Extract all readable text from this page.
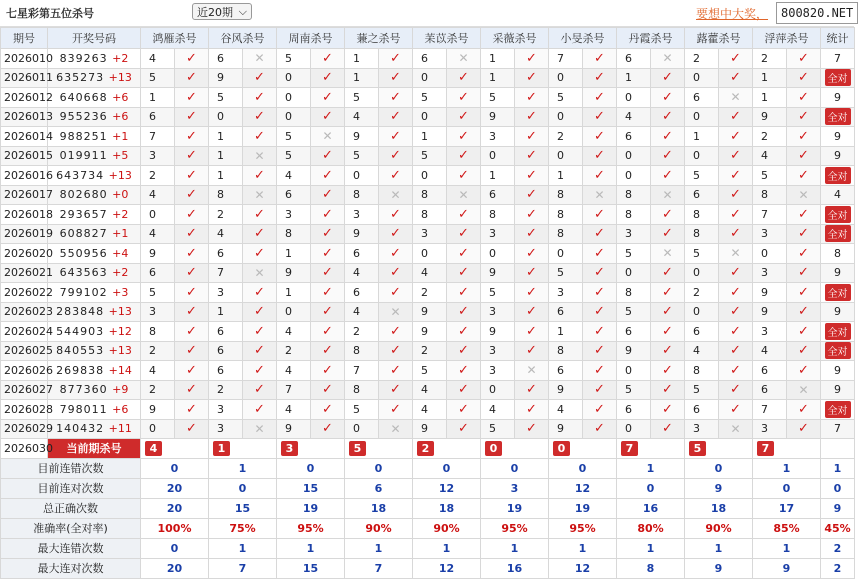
七星彩第五位杀号	近20期 ⌵	要想中大奖，	800820.NET
期号	开奖号码	鸿雁杀号		谷风杀号		周南杀号		蒹之杀号		苿苡杀号		采薇杀号		小旻杀号		丹霞杀号		蕗藿杀号		浮萍杀号		统计
2026010	839263 +2	4	✓	6	✕	5	✓	1	✓	6	✕	1	✓	7	✓	6	✕	2	✓	2	✓	7
2026011	635273 +13	5	✓	9	✓	0	✓	1	✓	0	✓	1	✓	0	✓	1	✓	0	✓	1	✓	全对
2026012	640668 +6	1	✓	5	✓	0	✓	5	✓	5	✓	5	✓	5	✓	0	✓	6	✕	1	✓	9
2026013	955236 +6	6	✓	0	✓	0	✓	4	✓	0	✓	9	✓	0	✓	4	✓	0	✓	9	✓	全对
2026014	988251 +1	7	✓	1	✓	5	✕	9	✓	1	✓	3	✓	2	✓	6	✓	1	✓	2	✓	9
2026015	019911 +5	3	✓	1	✕	5	✓	5	✓	5	✓	0	✓	0	✓	0	✓	0	✓	4	✓	9
2026016	643734 +13	2	✓	1	✓	4	✓	0	✓	0	✓	1	✓	1	✓	0	✓	5	✓	5	✓	全对
2026017	802680 +0	4	✓	8	✕	6	✓	8	✕	8	✕	6	✓	8	✕	8	✕	6	✓	8	✕	4
2026018	293657 +2	0	✓	2	✓	3	✓	3	✓	8	✓	8	✓	8	✓	8	✓	8	✓	7	✓	全对
2026019	608827 +1	4	✓	4	✓	8	✓	9	✓	3	✓	3	✓	8	✓	3	✓	8	✓	3	✓	全对
2026020	550956 +4	9	✓	6	✓	1	✓	6	✓	0	✓	0	✓	0	✓	5	✕	5	✕	0	✓	8
2026021	643563 +2	6	✓	7	✕	9	✓	4	✓	4	✓	9	✓	5	✓	0	✓	0	✓	3	✓	9
2026022	799102 +3	5	✓	3	✓	1	✓	6	✓	2	✓	5	✓	3	✓	8	✓	2	✓	9	✓	全对
2026023	283848 +13	3	✓	1	✓	0	✓	4	✕	9	✓	3	✓	6	✓	5	✓	0	✓	9	✓	9
2026024	544903 +12	8	✓	6	✓	4	✓	2	✓	9	✓	9	✓	1	✓	6	✓	6	✓	3	✓	全对
2026025	840553 +13	2	✓	6	✓	2	✓	8	✓	2	✓	3	✓	8	✓	9	✓	4	✓	4	✓	全对
2026026	269838 +14	4	✓	6	✓	4	✓	7	✓	5	✓	3	✕	6	✓	0	✓	8	✓	6	✓	9
2026027	877360 +9	2	✓	2	✓	7	✓	8	✓	4	✓	0	✓	9	✓	5	✓	5	✓	6	✕	9
2026028	798011 +6	9	✓	3	✓	4	✓	5	✓	4	✓	4	✓	4	✓	6	✓	6	✓	7	✓	全对
2026029	140432 +11	0	✓	3	✕	9	✓	0	✕	9	✓	5	✓	9	✓	0	✓	3	✕	3	✓	7
2026030	当前期杀号	4		1		3		5		2		0		0		7		5		7		
目前连错次数		0		1		0		0		0		0		0		1		0		1		1
目前连对次数		20		0		15		6		12		3		12		0		9		0		0
总正确次数		20		15		19		18		18		19		19		16		18		17		9
准确率(全对率)		100%		75%		95%		90%		90%		95%		95%		80%		90%		85%		45%
最大连错次数		0		1		1		1		1		1		1		1		1		1		2
最大连对次数		20		7		15		7		12		16		12		8		9		9		2
